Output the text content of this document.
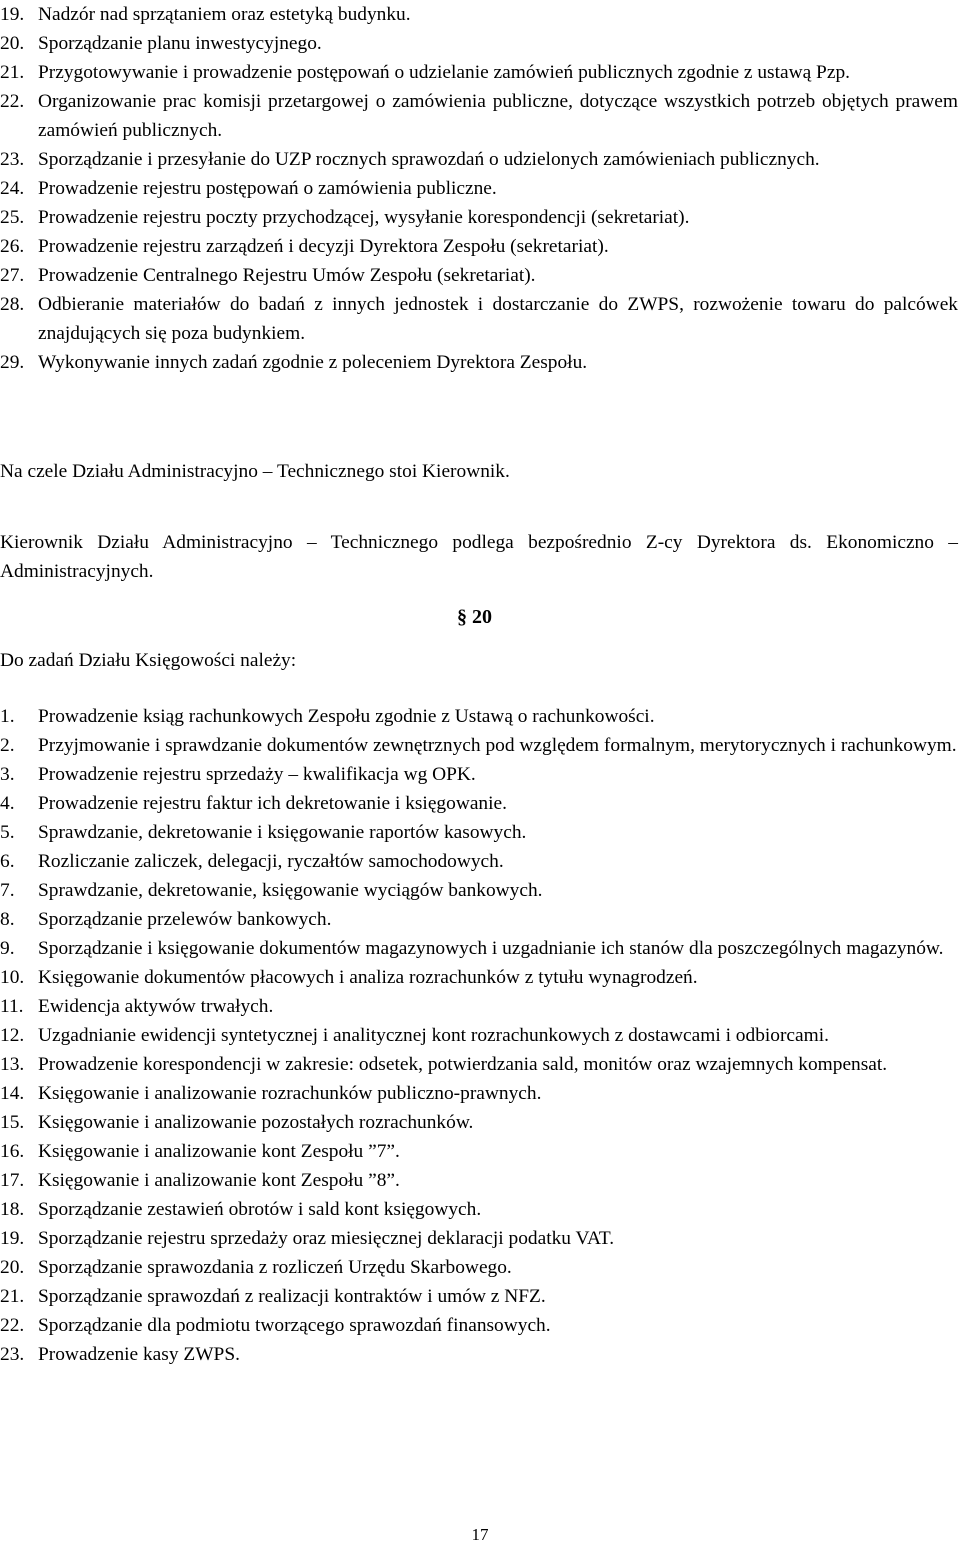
19. Nadzór nad sprzątaniem oraz estetyką budynku.
20. Sporządzanie planu inwestycyjnego.
21. Przygotowywanie i prowadzenie postępowań o udzielanie zamówień publicznych zgodnie z ustawą Pzp.
22. Organizowanie prac komisji przetargowej o zamówienia publiczne, dotyczące wszystkich potrzeb objętych prawem zamówień publicznych.
23. Sporządzanie i przesyłanie do UZP rocznych sprawozdań o udzielonych zamówieniach publicznych.
24. Prowadzenie rejestru postępowań o zamówienia publiczne.
25. Prowadzenie rejestru poczty przychodzącej, wysyłanie korespondencji (sekretariat).
26. Prowadzenie rejestru zarządzeń i decyzji Dyrektora Zespołu (sekretariat).
27. Prowadzenie Centralnego Rejestru Umów Zespołu (sekretariat).
28. Odbieranie materiałów do badań z innych jednostek i dostarczanie do ZWPS, rozwożenie towaru do palcówek znajdujących się poza budynkiem.
29. Wykonywanie innych zadań zgodnie z poleceniem Dyrektora Zespołu.
Na czele Działu Administracyjno – Technicznego stoi Kierownik.
Kierownik Działu Administracyjno – Technicznego podlega bezpośrednio Z-cy Dyrektora ds. Ekonomiczno – Administracyjnych.
§ 20
Do zadań Działu Księgowości należy:
1.	Prowadzenie ksiąg rachunkowych Zespołu zgodnie z Ustawą o rachunkowości.
2.	Przyjmowanie i sprawdzanie dokumentów zewnętrznych pod względem formalnym, merytorycznych i rachunkowym.
3.	Prowadzenie rejestru sprzedaży – kwalifikacja wg OPK.
4.	Prowadzenie rejestru faktur ich dekretowanie i księgowanie.
5.	Sprawdzanie, dekretowanie i księgowanie raportów kasowych.
6.	Rozliczanie zaliczek, delegacji, ryczałtów samochodowych.
7.	Sprawdzanie, dekretowanie, księgowanie wyciągów bankowych.
8.	Sporządzanie przelewów bankowych.
9.	Sporządzanie i księgowanie dokumentów magazynowych i uzgadnianie ich stanów dla poszczególnych magazynów.
10. Księgowanie dokumentów płacowych i analiza rozrachunków z tytułu wynagrodzeń.
11. Ewidencja aktywów trwałych.
12. Uzgadnianie ewidencji syntetycznej i analitycznej kont rozrachunkowych z dostawcami i odbiorcami.
13. Prowadzenie korespondencji w zakresie: odsetek, potwierdzania sald, monitów oraz wzajemnych kompensat.
14. Księgowanie i analizowanie rozrachunków publiczno-prawnych.
15. Księgowanie i analizowanie pozostałych rozrachunków.
16. Księgowanie i analizowanie kont Zespołu ”7”.
17. Księgowanie i analizowanie kont Zespołu ”8”.
18. Sporządzanie zestawień obrotów i sald kont księgowych.
19. Sporządzanie rejestru sprzedaży oraz miesięcznej deklaracji podatku VAT.
20. Sporządzanie sprawozdania z rozliczeń Urzędu Skarbowego.
21. Sporządzanie sprawozdań z realizacji kontraktów i umów z NFZ.
22. Sporządzanie dla podmiotu tworzącego sprawozdań finansowych.
23. Prowadzenie kasy ZWPS.
17
